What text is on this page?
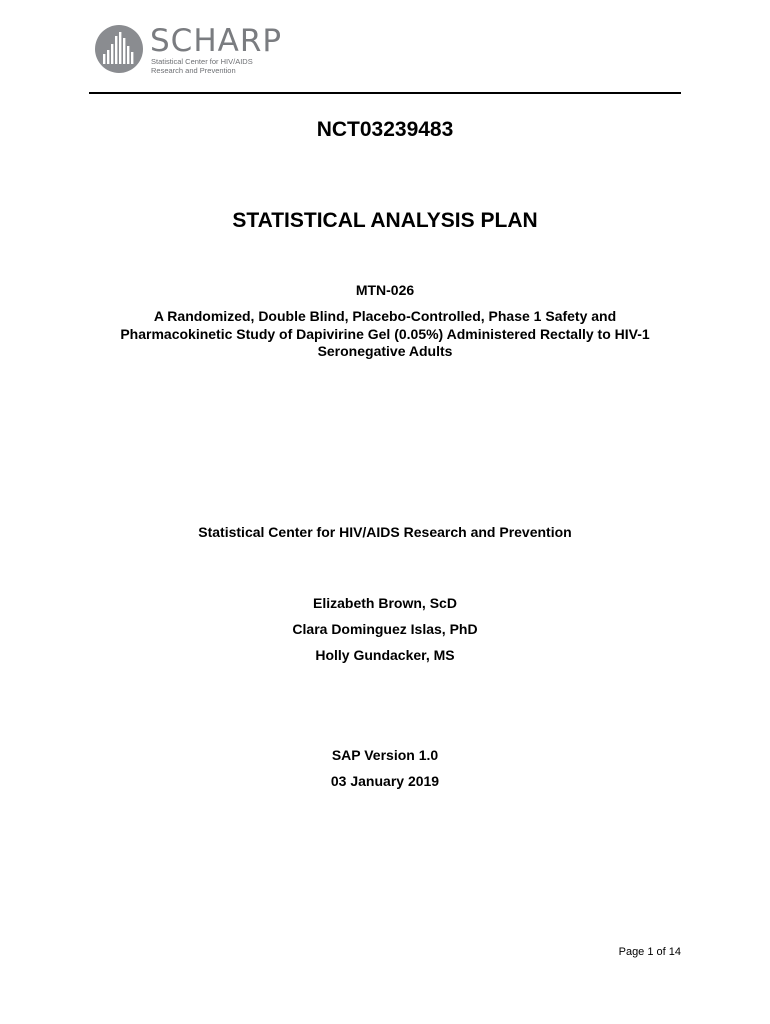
SCHARP
Statistical Center for HIV/AIDS
Research and Prevention
NCT03239483
STATISTICAL ANALYSIS PLAN
MTN-026
A Randomized, Double Blind, Placebo-Controlled, Phase 1 Safety and
Pharmacokinetic Study of Dapivirine Gel (0.05%) Administered Rectally to HIV-1
Seronegative Adults
Statistical Center for HIV/AIDS Research and Prevention
Elizabeth Brown, ScD
Clara Dominguez Islas, PhD
Holly Gundacker, MS
SAP Version 1.0
03 January 2019
Page 1 of 14
